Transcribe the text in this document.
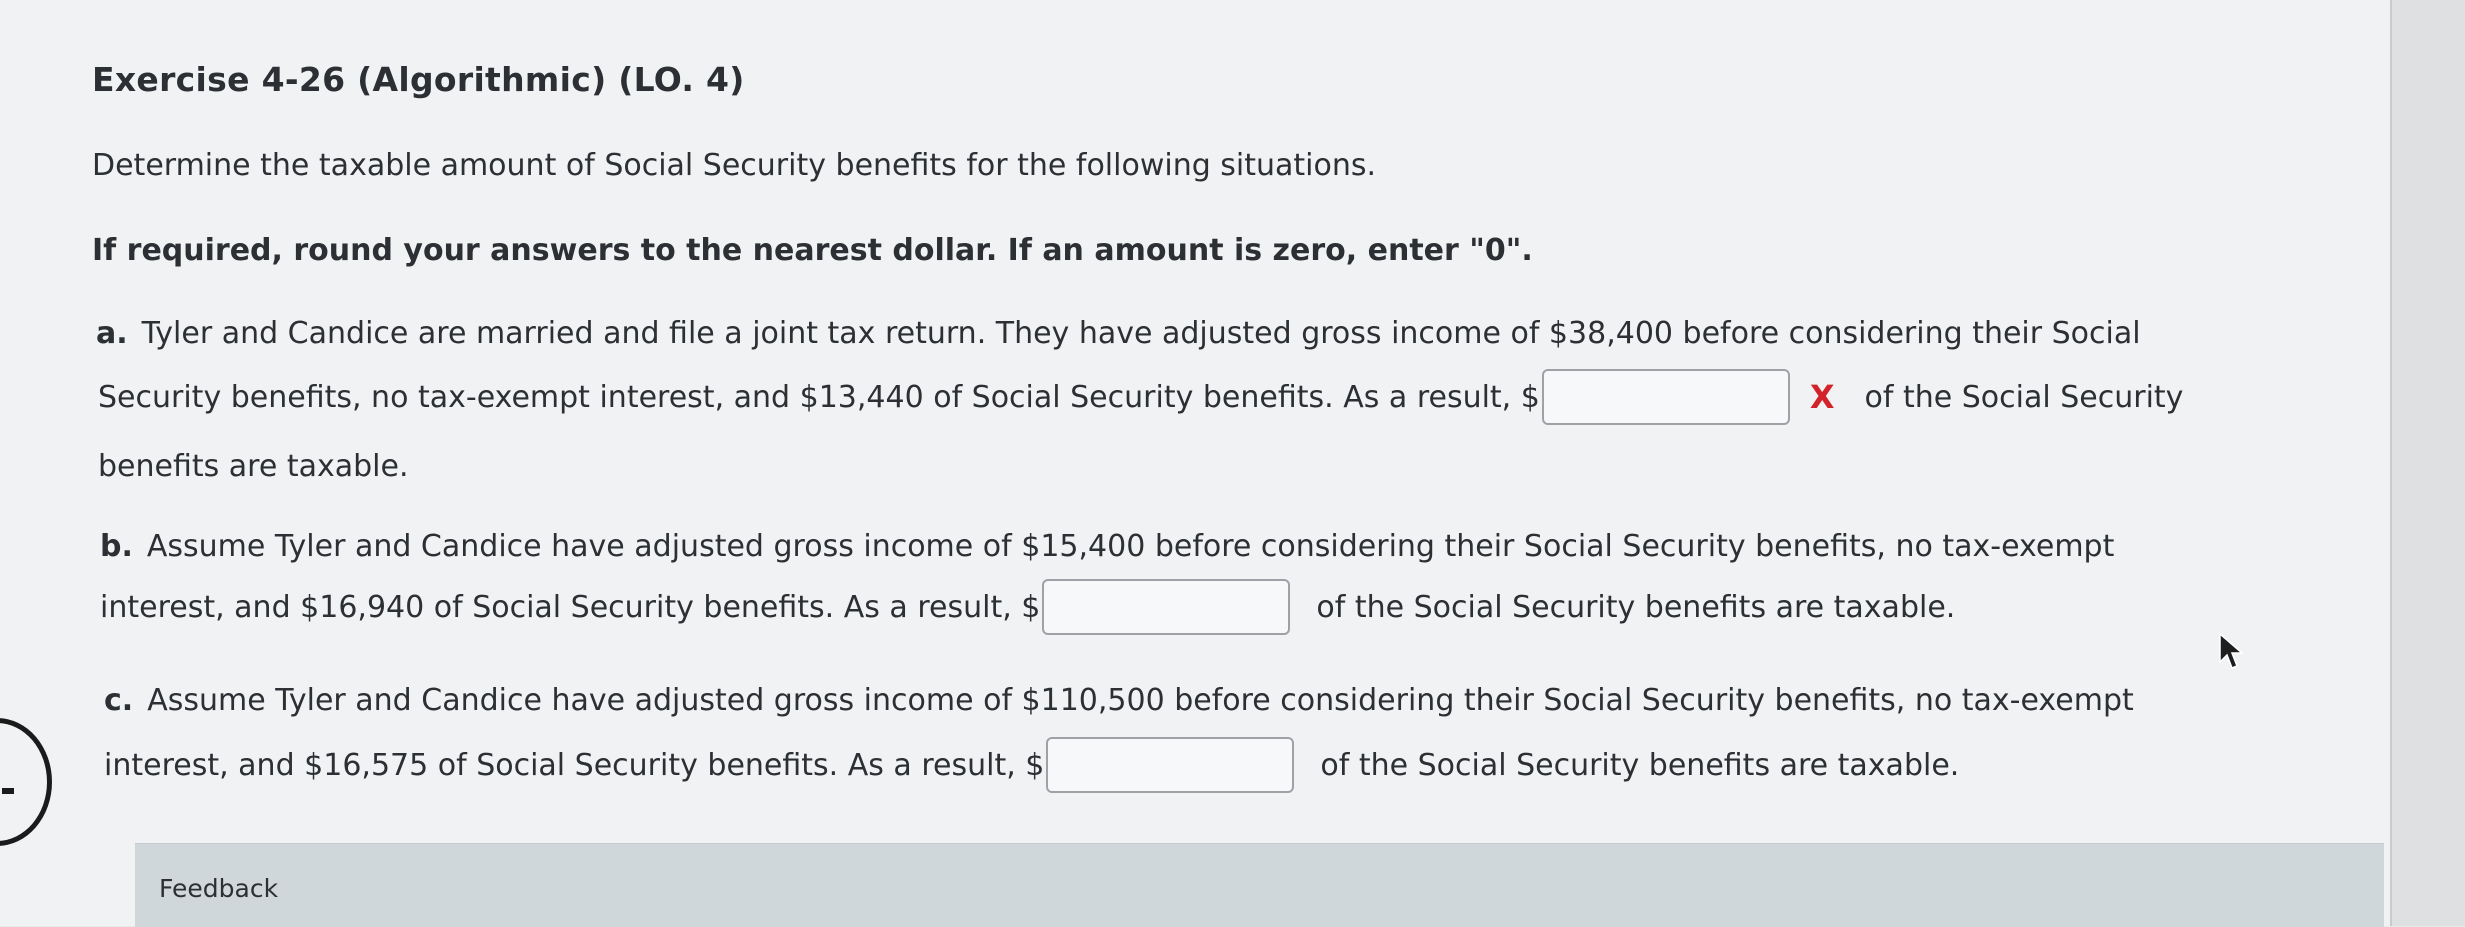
Exercise 4-26 (Algorithmic) (LO. 4)
Determine the taxable amount of Social Security benefits for the following situations.
If required, round your answers to the nearest dollar. If an amount is zero, enter "0".
a. Tyler and Candice are married and file a joint tax return. They have adjusted gross income of $38,400 before considering their Social
Security benefits, no tax-exempt interest, and $13,440 of Social Security benefits. As a result, $	X of the Social Security
benefits are taxable.
b. Assume Tyler and Candice have adjusted gross income of $15,400 before considering their Social Security benefits, no tax-exempt
interest, and $16,940 of Social Security benefits. As a result, $	of the Social Security benefits are taxable.
c. Assume Tyler and Candice have adjusted gross income of $110,500 before considering their Social Security benefits, no tax-exempt
interest, and $16,575 of Social Security benefits. As a result, $	of the Social Security benefits are taxable.
Feedback
